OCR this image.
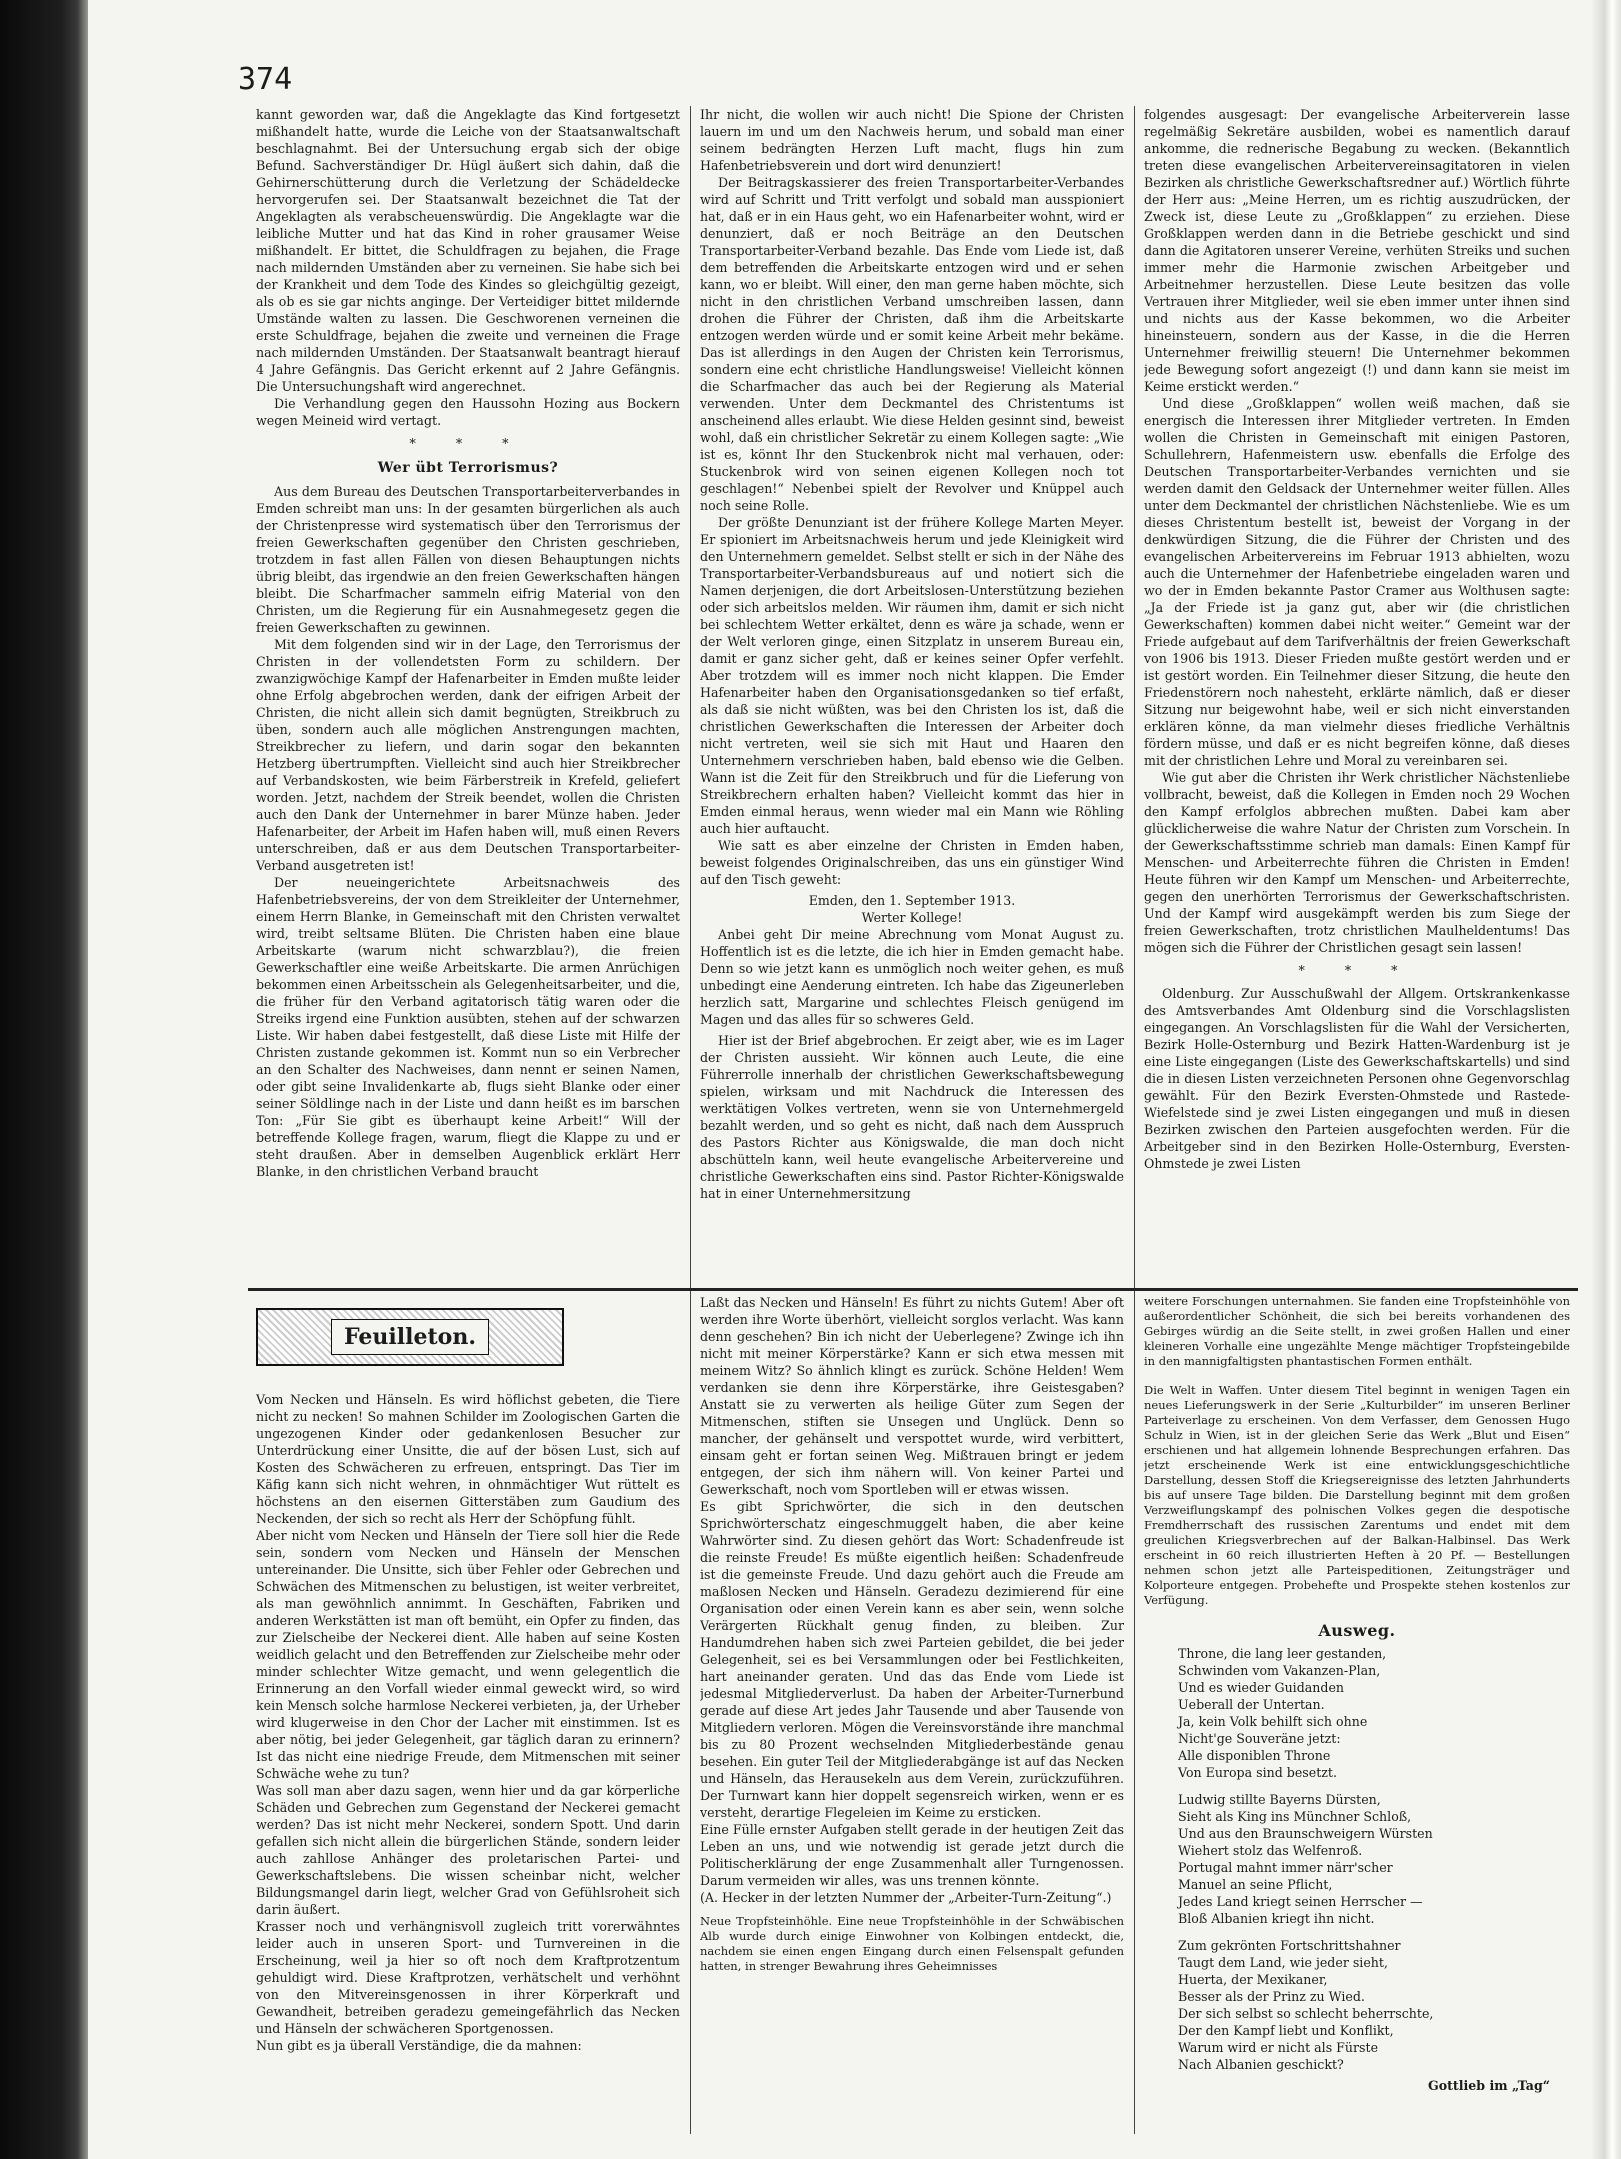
374

kannt geworden war, daß die Angeklagte das Kind fortgesetzt mißhandelt hatte, wurde die Leiche von der Staatsanwaltschaft beschlagnahmt. Bei der Untersuchung ergab sich der obige Befund. Sachverständiger Dr. Hügl äußert sich dahin, daß die Gehirnerschütterung durch die Verletzung der Schädeldecke hervorgerufen sei. Der Staatsanwalt bezeichnet die Tat der Angeklagten als verabscheuenswürdig. Die Angeklagte war die leibliche Mutter und hat das Kind in roher grausamer Weise mißhandelt. Er bittet, die Schuldfragen zu bejahen, die Frage nach mildernden Umständen aber zu verneinen. Sie habe sich bei der Krankheit und dem Tode des Kindes so gleichgültig gezeigt, als ob es sie gar nichts anginge. Der Verteidiger bittet mildernde Umstände walten zu lassen. Die Geschworenen verneinen die erste Schuldfrage, bejahen die zweite und verneinen die Frage nach mildernden Umständen. Der Staatsanwalt beantragt hierauf 4 Jahre Gefängnis. Das Gericht erkennt auf 2 Jahre Gefängnis. Die Untersuchungshaft wird angerechnet.

Die Verhandlung gegen den Haussohn Hozing aus Bockern wegen Meineid wird vertagt.

* * *
Wer übt Terrorismus?

Aus dem Bureau des Deutschen Transportarbeiterverbandes in Emden schreibt man uns: In der gesamten bürgerlichen als auch der Christenpresse wird systematisch über den Terrorismus der freien Gewerkschaften gegenüber den Christen geschrieben, trotzdem in fast allen Fällen von diesen Behauptungen nichts übrig bleibt, das irgendwie an den freien Gewerkschaften hängen bleibt. Die Scharfmacher sammeln eifrig Material von den Christen, um die Regierung für ein Ausnahmegesetz gegen die freien Gewerkschaften zu gewinnen.

Mit dem folgenden sind wir in der Lage, den Terrorismus der Christen in der vollendetsten Form zu schildern. Der zwanzigwöchige Kampf der Hafenarbeiter in Emden mußte leider ohne Erfolg abgebrochen werden, dank der eifrigen Arbeit der Christen, die nicht allein sich damit begnügten, Streikbruch zu üben, sondern auch alle möglichen Anstrengungen machten, Streikbrecher zu liefern, und darin sogar den bekannten Hetzberg übertrumpften. Vielleicht sind auch hier Streikbrecher auf Verbandskosten, wie beim Färberstreik in Krefeld, geliefert worden. Jetzt, nachdem der Streik beendet, wollen die Christen auch den Dank der Unternehmer in barer Münze haben. Jeder Hafenarbeiter, der Arbeit im Hafen haben will, muß einen Revers unterschreiben, daß er aus dem Deutschen Transportarbeiter-Verband ausgetreten ist!

Der neueingerichtete Arbeitsnachweis des Hafenbetriebsvereins, der von dem Streikleiter der Unternehmer, einem Herrn Blanke, in Gemeinschaft mit den Christen verwaltet wird, treibt seltsame Blüten. Die Christen haben eine blaue Arbeitskarte (warum nicht schwarzblau?), die freien Gewerkschaftler eine weiße Arbeitskarte. Die armen Anrüchigen bekommen einen Arbeitsschein als Gelegenheitsarbeiter, und die, die früher für den Verband agitatorisch tätig waren oder die Streiks irgend eine Funktion ausübten, stehen auf der schwarzen Liste. Wir haben dabei festgestellt, daß diese Liste mit Hilfe der Christen zustande gekommen ist. Kommt nun so ein Verbrecher an den Schalter des Nachweises, dann nennt er seinen Namen, oder gibt seine Invalidenkarte ab, flugs sieht Blanke oder einer seiner Söldlinge nach in der Liste und dann heißt es im barschen Ton: „Für Sie gibt es überhaupt keine Arbeit!“ Will der betreffende Kollege fragen, warum, fliegt die Klappe zu und er steht draußen. Aber in demselben Augenblick erklärt Herr Blanke, in den christlichen Verband braucht

Ihr nicht, die wollen wir auch nicht! Die Spione der Christen lauern im und um den Nachweis herum, und sobald man einer seinem bedrängten Herzen Luft macht, flugs hin zum Hafenbetriebsverein und dort wird denunziert!

Der Beitragskassierer des freien Transportarbeiter-Verbandes wird auf Schritt und Tritt verfolgt und sobald man ausspioniert hat, daß er in ein Haus geht, wo ein Hafenarbeiter wohnt, wird er denunziert, daß er noch Beiträge an den Deutschen Transportarbeiter-Verband bezahle. Das Ende vom Liede ist, daß dem betreffenden die Arbeitskarte entzogen wird und er sehen kann, wo er bleibt. Will einer, den man gerne haben möchte, sich nicht in den christlichen Verband umschreiben lassen, dann drohen die Führer der Christen, daß ihm die Arbeitskarte entzogen werden würde und er somit keine Arbeit mehr bekäme. Das ist allerdings in den Augen der Christen kein Terrorismus, sondern eine echt christliche Handlungsweise! Vielleicht können die Scharfmacher das auch bei der Regierung als Material verwenden. Unter dem Deckmantel des Christentums ist anscheinend alles erlaubt. Wie diese Helden gesinnt sind, beweist wohl, daß ein christlicher Sekretär zu einem Kollegen sagte: „Wie ist es, könnt Ihr den Stuckenbrok nicht mal verhauen, oder: Stuckenbrok wird von seinen eigenen Kollegen noch tot geschlagen!“ Nebenbei spielt der Revolver und Knüppel auch noch seine Rolle.

Der größte Denunziant ist der frühere Kollege Marten Meyer. Er spioniert im Arbeitsnachweis herum und jede Kleinigkeit wird den Unternehmern gemeldet. Selbst stellt er sich in der Nähe des Transportarbeiter-Verbandsbureaus auf und notiert sich die Namen derjenigen, die dort Arbeitslosen-Unterstützung beziehen oder sich arbeitslos melden. Wir räumen ihm, damit er sich nicht bei schlechtem Wetter erkältet, denn es wäre ja schade, wenn er der Welt verloren ginge, einen Sitzplatz in unserem Bureau ein, damit er ganz sicher geht, daß er keines seiner Opfer verfehlt. Aber trotzdem will es immer noch nicht klappen. Die Emder Hafenarbeiter haben den Organisationsgedanken so tief erfaßt, als daß sie nicht wüßten, was bei den Christen los ist, daß die christlichen Gewerkschaften die Interessen der Arbeiter doch nicht vertreten, weil sie sich mit Haut und Haaren den Unternehmern verschrieben haben, bald ebenso wie die Gelben. Wann ist die Zeit für den Streikbruch und für die Lieferung von Streikbrechern erhalten haben? Vielleicht kommt das hier in Emden einmal heraus, wenn wieder mal ein Mann wie Röhling auch hier auftaucht.

Wie satt es aber einzelne der Christen in Emden haben, beweist folgendes Originalschreiben, das uns ein günstiger Wind auf den Tisch geweht:

Emden, den 1. September 1913.

Werter Kollege!

Anbei geht Dir meine Abrechnung vom Monat August zu. Hoffentlich ist es die letzte, die ich hier in Emden gemacht habe. Denn so wie jetzt kann es unmöglich noch weiter gehen, es muß unbedingt eine Aenderung eintreten. Ich habe das Zigeunerleben herzlich satt, Margarine und schlechtes Fleisch genügend im Magen und das alles für so schweres Geld.

Hier ist der Brief abgebrochen. Er zeigt aber, wie es im Lager der Christen aussieht. Wir können auch Leute, die eine Führerrolle innerhalb der christlichen Gewerkschaftsbewegung spielen, wirksam und mit Nachdruck die Interessen des werktätigen Volkes vertreten, wenn sie von Unternehmergeld bezahlt werden, und so geht es nicht, daß nach dem Ausspruch des Pastors Richter aus Königswalde, die man doch nicht abschütteln kann, weil heute evangelische Arbeitervereine und christliche Gewerkschaften eins sind. Pastor Richter-Königswalde hat in einer Unternehmersitzung

folgendes ausgesagt: Der evangelische Arbeiterverein lasse regelmäßig Sekretäre ausbilden, wobei es namentlich darauf ankomme, die rednerische Begabung zu wecken. (Bekanntlich treten diese evangelischen Arbeitervereinsagitatoren in vielen Bezirken als christliche Gewerkschaftsredner auf.) Wörtlich führte der Herr aus: „Meine Herren, um es richtig auszudrücken, der Zweck ist, diese Leute zu „Großklappen“ zu erziehen. Diese Großklappen werden dann in die Betriebe geschickt und sind dann die Agitatoren unserer Vereine, verhüten Streiks und suchen immer mehr die Harmonie zwischen Arbeitgeber und Arbeitnehmer herzustellen. Diese Leute besitzen das volle Vertrauen ihrer Mitglieder, weil sie eben immer unter ihnen sind und nichts aus der Kasse bekommen, wo die Arbeiter hineinsteuern, sondern aus der Kasse, in die die Herren Unternehmer freiwillig steuern! Die Unternehmer bekommen jede Bewegung sofort angezeigt (!) und dann kann sie meist im Keime erstickt werden.“

Und diese „Großklappen“ wollen weiß machen, daß sie energisch die Interessen ihrer Mitglieder vertreten. In Emden wollen die Christen in Gemeinschaft mit einigen Pastoren, Schullehrern, Hafenmeistern usw. ebenfalls die Erfolge des Deutschen Transportarbeiter-Verbandes vernichten und sie werden damit den Geldsack der Unternehmer weiter füllen. Alles unter dem Deckmantel der christlichen Nächstenliebe. Wie es um dieses Christentum bestellt ist, beweist der Vorgang in der denkwürdigen Sitzung, die die Führer der Christen und des evangelischen Arbeitervereins im Februar 1913 abhielten, wozu auch die Unternehmer der Hafenbetriebe eingeladen waren und wo der in Emden bekannte Pastor Cramer aus Wolthusen sagte: „Ja der Friede ist ja ganz gut, aber wir (die christlichen Gewerkschaften) kommen dabei nicht weiter.“ Gemeint war der Friede aufgebaut auf dem Tarifverhältnis der freien Gewerkschaft von 1906 bis 1913. Dieser Frieden mußte gestört werden und er ist gestört worden. Ein Teilnehmer dieser Sitzung, die heute den Friedenstörern noch nahesteht, erklärte nämlich, daß er dieser Sitzung nur beigewohnt habe, weil er sich nicht einverstanden erklären könne, da man vielmehr dieses friedliche Verhältnis fördern müsse, und daß er es nicht begreifen könne, daß dieses mit der christlichen Lehre und Moral zu vereinbaren sei.

Wie gut aber die Christen ihr Werk christlicher Nächstenliebe vollbracht, beweist, daß die Kollegen in Emden noch 29 Wochen den Kampf erfolglos abbrechen mußten. Dabei kam aber glücklicherweise die wahre Natur der Christen zum Vorschein. In der Gewerkschaftsstimme schrieb man damals: Einen Kampf für Menschen- und Arbeiterrechte führen die Christen in Emden! Heute führen wir den Kampf um Menschen- und Arbeiterrechte, gegen den unerhörten Terrorismus der Gewerkschaftschristen. Und der Kampf wird ausgekämpft werden bis zum Siege der freien Gewerkschaften, trotz christlichen Maulheldentums! Das mögen sich die Führer der Christlichen gesagt sein lassen!

* * *

Oldenburg. Zur Ausschußwahl der Allgem. Ortskrankenkasse des Amtsverbandes Amt Oldenburg sind die Vorschlagslisten eingegangen. An Vorschlagslisten für die Wahl der Versicherten, Bezirk Holle-Osternburg und Bezirk Hatten-Wardenburg ist je eine Liste eingegangen (Liste des Gewerkschaftskartells) und sind die in diesen Listen verzeichneten Personen ohne Gegenvorschlag gewählt. Für den Bezirk Eversten-Ohmstede und Rastede-Wiefelstede sind je zwei Listen eingegangen und muß in diesen Bezirken zwischen den Parteien ausgefochten werden. Für die Arbeitgeber sind in den Bezirken Holle-Osternburg, Eversten-Ohmstede je zwei Listen

Feuilleton.

Vom Necken und Hänseln. Es wird höflichst gebeten, die Tiere nicht zu necken! So mahnen Schilder im Zoologischen Garten die ungezogenen Kinder oder gedankenlosen Besucher zur Unterdrückung einer Unsitte, die auf der bösen Lust, sich auf Kosten des Schwächeren zu erfreuen, entspringt. Das Tier im Käfig kann sich nicht wehren, in ohnmächtiger Wut rüttelt es höchstens an den eisernen Gitterstäben zum Gaudium des Neckenden, der sich so recht als Herr der Schöpfung fühlt.
Aber nicht vom Necken und Hänseln der Tiere soll hier die Rede sein, sondern vom Necken und Hänseln der Menschen untereinander. Die Unsitte, sich über Fehler oder Gebrechen und Schwächen des Mitmenschen zu belustigen, ist weiter verbreitet, als man gewöhnlich annimmt. In Geschäften, Fabriken und anderen Werkstätten ist man oft bemüht, ein Opfer zu finden, das zur Zielscheibe der Neckerei dient. Alle haben auf seine Kosten weidlich gelacht und den Betreffenden zur Zielscheibe mehr oder minder schlechter Witze gemacht, und wenn gelegentlich die Erinnerung an den Vorfall wieder einmal geweckt wird, so wird kein Mensch solche harmlose Neckerei verbieten, ja, der Urheber wird klugerweise in den Chor der Lacher mit einstimmen. Ist es aber nötig, bei jeder Gelegenheit, gar täglich daran zu erinnern? Ist das nicht eine niedrige Freude, dem Mitmenschen mit seiner Schwäche wehe zu tun?
Was soll man aber dazu sagen, wenn hier und da gar körperliche Schäden und Gebrechen zum Gegenstand der Neckerei gemacht werden? Das ist nicht mehr Neckerei, sondern Spott. Und darin gefallen sich nicht allein die bürgerlichen Stände, sondern leider auch zahllose Anhänger des proletarischen Partei- und Gewerkschaftslebens. Die wissen scheinbar nicht, welcher Bildungsmangel darin liegt, welcher Grad von Gefühlsroheit sich darin äußert.
Krasser noch und verhängnisvoll zugleich tritt vorerwähntes leider auch in unseren Sport- und Turnvereinen in die Erscheinung, weil ja hier so oft noch dem Kraftprotzentum gehuldigt wird. Diese Kraftprotzen, verhätschelt und verhöhnt von den Mitvereinsgenossen in ihrer Körperkraft und Gewandheit, betreiben geradezu gemeingefährlich das Necken und Hänseln der schwächeren Sportgenossen.
Nun gibt es ja überall Verständige, die da mahnen:

Laßt das Necken und Hänseln! Es führt zu nichts Gutem! Aber oft werden ihre Worte überhört, vielleicht sorglos verlacht. Was kann denn geschehen? Bin ich nicht der Ueberlegene? Zwinge ich ihn nicht mit meiner Körperstärke? Kann er sich etwa messen mit meinem Witz? So ähnlich klingt es zurück. Schöne Helden! Wem verdanken sie denn ihre Körperstärke, ihre Geistesgaben? Anstatt sie zu verwerten als heilige Güter zum Segen der Mitmenschen, stiften sie Unsegen und Unglück. Denn so mancher, der gehänselt und verspottet wurde, wird verbittert, einsam geht er fortan seinen Weg. Mißtrauen bringt er jedem entgegen, der sich ihm nähern will. Von keiner Partei und Gewerkschaft, noch vom Sportleben will er etwas wissen.
Es gibt Sprichwörter, die sich in den deutschen Sprichwörterschatz eingeschmuggelt haben, die aber keine Wahrwörter sind. Zu diesen gehört das Wort: Schadenfreude ist die reinste Freude! Es müßte eigentlich heißen: Schadenfreude ist die gemeinste Freude. Und dazu gehört auch die Freude am maßlosen Necken und Hänseln. Geradezu dezimierend für eine Organisation oder einen Verein kann es aber sein, wenn solche Verärgerten Rückhalt genug finden, zu bleiben. Zur Handumdrehen haben sich zwei Parteien gebildet, die bei jeder Gelegenheit, sei es bei Versammlungen oder bei Festlichkeiten, hart aneinander geraten. Und das das Ende vom Liede ist jedesmal Mitgliederverlust. Da haben der Arbeiter-Turnerbund gerade auf diese Art jedes Jahr Tausende und aber Tausende von Mitgliedern verloren. Mögen die Vereinsvorstände ihre manchmal bis zu 80 Prozent wechselnden Mitgliederbestände genau besehen. Ein guter Teil der Mitgliederabgänge ist auf das Necken und Hänseln, das Herausekeln aus dem Verein, zurückzuführen. Der Turnwart kann hier doppelt segensreich wirken, wenn er es versteht, derartige Flegeleien im Keime zu ersticken.
Eine Fülle ernster Aufgaben stellt gerade in der heutigen Zeit das Leben an uns, und wie notwendig ist gerade jetzt durch die Politischerklärung der enge Zusammenhalt aller Turngenossen. Darum vermeiden wir alles, was uns trennen könnte.
(A. Hecker in der letzten Nummer der „Arbeiter-Turn-Zeitung“.)
Neue Tropfsteinhöhle. Eine neue Tropfsteinhöhle in der Schwäbischen Alb wurde durch einige Einwohner von Kolbingen entdeckt, die, nachdem sie einen engen Eingang durch einen Felsenspalt gefunden hatten, in strenger Bewahrung ihres Geheimnisses
weitere Forschungen unternahmen. Sie fanden eine Tropfsteinhöhle von außerordentlicher Schönheit, die sich bei bereits vorhandenen des Gebirges würdig an die Seite stellt, in zwei großen Hallen und einer kleineren Vorhalle eine ungezählte Menge mächtiger Tropfsteingebilde in den mannigfaltigsten phantastischen Formen enthält.
Die Welt in Waffen. Unter diesem Titel beginnt in wenigen Tagen ein neues Lieferungswerk in der Serie „Kulturbilder“ im unseren Berliner Parteiverlage zu erscheinen. Von dem Verfasser, dem Genossen Hugo Schulz in Wien, ist in der gleichen Serie das Werk „Blut und Eisen“ erschienen und hat allgemein lohnende Besprechungen erfahren. Das jetzt erscheinende Werk ist eine entwicklungsgeschichtliche Darstellung, dessen Stoff die Kriegsereignisse des letzten Jahrhunderts bis auf unsere Tage bilden. Die Darstellung beginnt mit dem großen Verzweiflungskampf des polnischen Volkes gegen die despotische Fremdherrschaft des russischen Zarentums und endet mit dem greulichen Kriegsverbrechen auf der Balkan-Halbinsel. Das Werk erscheint in 60 reich illustrierten Heften à 20 Pf. — Bestellungen nehmen schon jetzt alle Parteispeditionen, Zeitungsträger und Kolporteure entgegen. Probehefte und Prospekte stehen kostenlos zur Verfügung.
Ausweg.
Throne, die lang leer gestanden,
Schwinden vom Vakanzen-Plan,
Und es wieder Guidanden
Ueberall der Untertan.
Ja, kein Volk behilft sich ohne
Nicht'ge Souveräne jetzt:
Alle disponiblen Throne
Von Europa sind besetzt.
Ludwig stillte Bayerns Dürsten,
Sieht als King ins Münchner Schloß,
Und aus den Braunschweigern Würsten
Wiehert stolz das Welfenroß.
Portugal mahnt immer närr'scher
Manuel an seine Pflicht,
Jedes Land kriegt seinen Herrscher —
Bloß Albanien kriegt ihn nicht.
Zum gekrönten Fortschrittshahner
Taugt dem Land, wie jeder sieht,
Huerta, der Mexikaner,
Besser als der Prinz zu Wied.
Der sich selbst so schlecht beherrschte,
Der den Kampf liebt und Konflikt,
Warum wird er nicht als Fürste
Nach Albanien geschickt?
Gottlieb im „Tag“
